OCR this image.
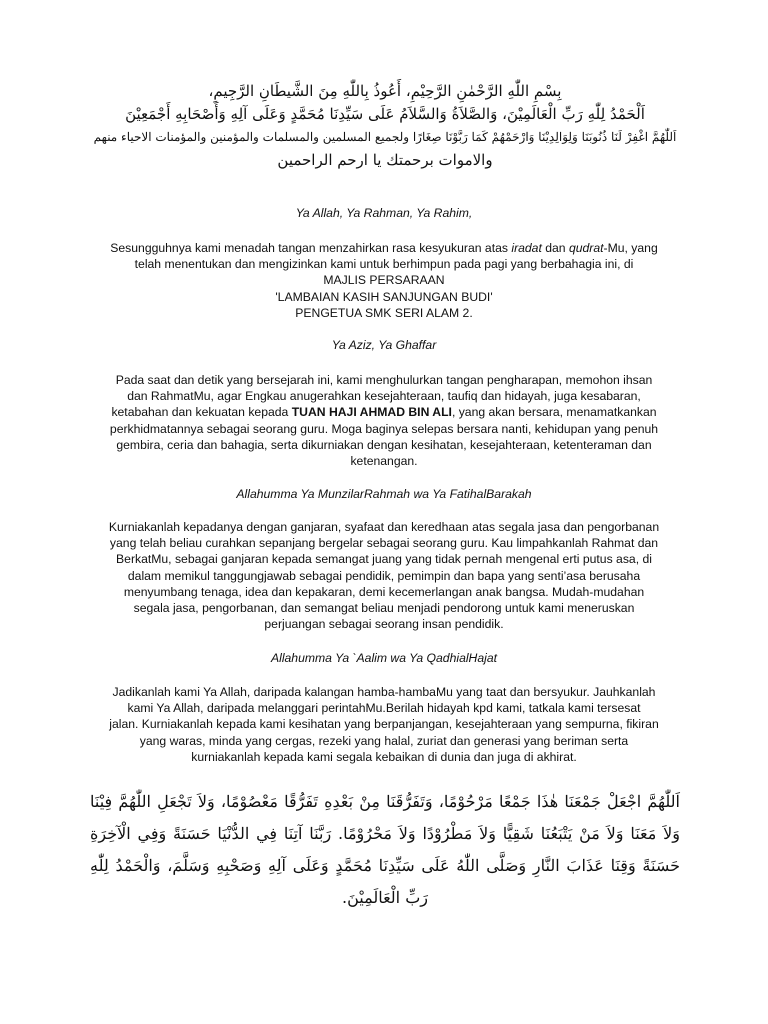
بِسْمِ اللّٰهِ الرَّحْمٰنِ الرَّحِيْمِ، أَعُوذُ بِاللّٰهِ مِنَ الشَّيطَانِ الرَّجِيمِ،
اَلْحَمْدُ لِلّٰهِ رَبِّ الْعَالَمِيْنَ، وَالصَّلاَةُ وَالسَّلاَمُ عَلَى سَيِّدِنَا مُحَمَّدٍ وَعَلَى آلِهِ وَأَصْحَابِهِ أَجْمَعِيْنَ
اَللّٰهُمَّ اغْفِرْ لَنَا ذُنُوبَنَا وَلِوَالِدِيْنَا وَارْحَمْهُمْ كَمَا رَبَّوْنَا صِغَارًا ولجميع المسلمين والمسلمات والمؤمنين والمؤمنات الاحياء منهم
والاموات برحمتك يا ارحم الراحمين
Ya Allah, Ya Rahman, Ya Rahim,
Sesungguhnya kami menadah tangan menzahirkan rasa kesyukuran atas iradat dan qudrat-Mu, yang
telah menentukan dan mengizinkan kami untuk berhimpun pada pagi yang berbahagia ini, di
MAJLIS PERSARAAN
'LAMBAIAN KASIH SANJUNGAN BUDI'
PENGETUA SMK SERI ALAM 2.
Ya Aziz, Ya Ghaffar
Pada saat dan detik yang bersejarah ini, kami menghulurkan tangan pengharapan, memohon ihsan
dan RahmatMu, agar Engkau anugerahkan kesejahteraan, taufiq dan hidayah, juga kesabaran,
ketabahan dan kekuatan kepada TUAN HAJI AHMAD BIN ALI, yang akan bersara, menamatkankan
perkhidmatannya sebagai seorang guru. Moga baginya selepas bersara nanti, kehidupan yang penuh
gembira, ceria dan bahagia, serta dikurniakan dengan kesihatan, kesejahteraan, ketenteraman dan
ketenangan.
Allahumma Ya MunzilarRahmah wa Ya FatihalBarakah
Kurniakanlah kepadanya dengan ganjaran, syafaat dan keredhaan atas segala jasa dan pengorbanan
yang telah beliau curahkan sepanjang bergelar sebagai seorang guru. Kau limpahkanlah Rahmat dan
BerkatMu, sebagai ganjaran kepada semangat juang yang tidak pernah mengenal erti putus asa, di
dalam memikul tanggungjawab sebagai pendidik, pemimpin dan bapa yang senti’asa berusaha
menyumbang tenaga, idea dan kepakaran, demi kecemerlangan anak bangsa. Mudah-mudahan
segala jasa, pengorbanan, dan semangat beliau menjadi pendorong untuk kami meneruskan
perjuangan sebagai seorang insan pendidik.
Allahumma Ya `Aalim wa Ya QadhialHajat
Jadikanlah kami Ya Allah, daripada kalangan hamba-hambaMu yang taat dan bersyukur. Jauhkanlah
kami Ya Allah, daripada melanggari perintahMu.Berilah hidayah kpd kami, tatkala kami tersesat
jalan. Kurniakanlah kepada kami kesihatan yang berpanjangan, kesejahteraan yang sempurna, fikiran
yang waras, minda yang cergas, rezeki yang halal, zuriat dan generasi yang beriman serta
kurniakanlah kepada kami segala kebaikan di dunia dan juga di akhirat.
اَللّٰهُمَّ اجْعَلْ جَمْعَنَا هٰذَا جَمْعًا مَرْحُوْمًا، وَتَفَرُّقَنَا مِنْ بَعْدِهِ تَفَرُّقًا مَعْصُوْمًا، وَلاَ تَجْعَلِ اللّٰهُمَّ فِيْنَا وَلاَ مَعَنَا وَلاَ مَنْ يَتْبَعُنَا شَقِيًّا وَلاَ مَطْرُوْدًا وَلاَ مَحْرُوْمًا. رَبَّنَا آتِنَا فِي الدُّنْيَا حَسَنَةً وَفِي الْآخِرَةِ حَسَنَةً وَقِنَا عَذَابَ النَّارِ وَصَلَّى اللّٰهُ عَلَى سَيِّدِنَا مُحَمَّدٍ وَعَلَى آلِهِ وَصَحْبِهِ وَسَلَّمَ، وَالْحَمْدُ لِلّٰهِ رَبِّ الْعَالَمِيْنَ.
